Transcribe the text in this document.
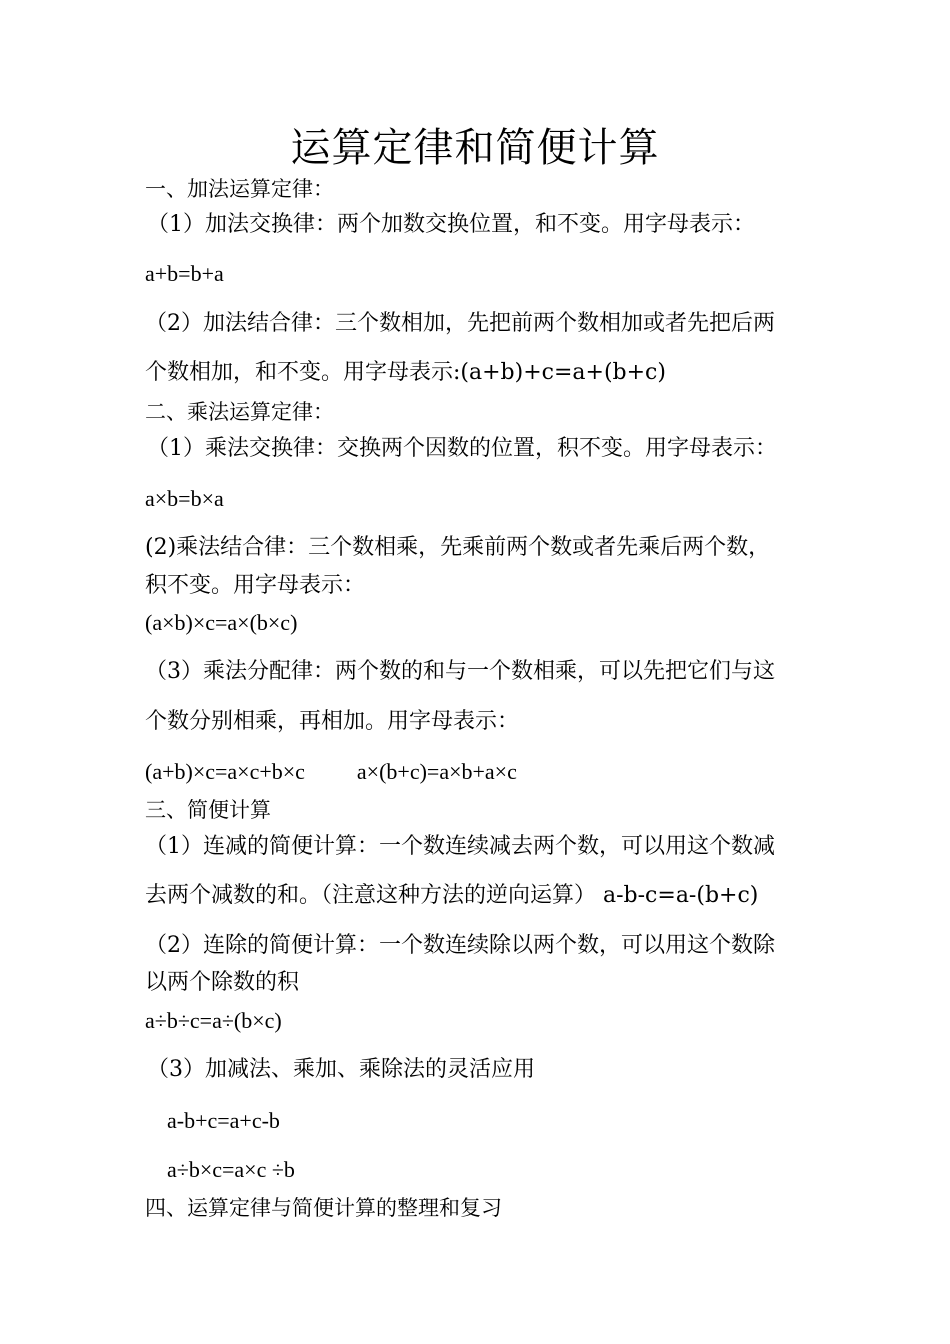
运算定律和简便计算
一、加法运算定律：
（1）加法交换律：两个加数交换位置，和不变。用字母表示：
a+b=b+a
（2）加法结合律：三个数相加，先把前两个数相加或者先把后两
个数相加，和不变。用字母表示:(a+b)+c=a+(b+c)
二、乘法运算定律：
（1）乘法交换律：交换两个因数的位置，积不变。用字母表示：
a×b=b×a
(2)乘法结合律：三个数相乘，先乘前两个数或者先乘后两个数，
积不变。用字母表示：
(a×b)×c=a×(b×c)
（3）乘法分配律：两个数的和与一个数相乘，可以先把它们与这
个数分别相乘，再相加。用字母表示：
(a+b)×c=a×c+b×c a×(b+c)=a×b+a×c
三、简便计算
（1）连减的简便计算：一个数连续减去两个数，可以用这个数减
去两个减数的和。（注意这种方法的逆向运算） a-b-c=a-(b+c)
（2）连除的简便计算：一个数连续除以两个数，可以用这个数除
以两个除数的积
a÷b÷c=a÷(b×c)
（3）加减法、乘加、乘除法的灵活应用
a-b+c=a+c-b
a÷b×c=a×c ÷b
四、运算定律与简便计算的整理和复习
